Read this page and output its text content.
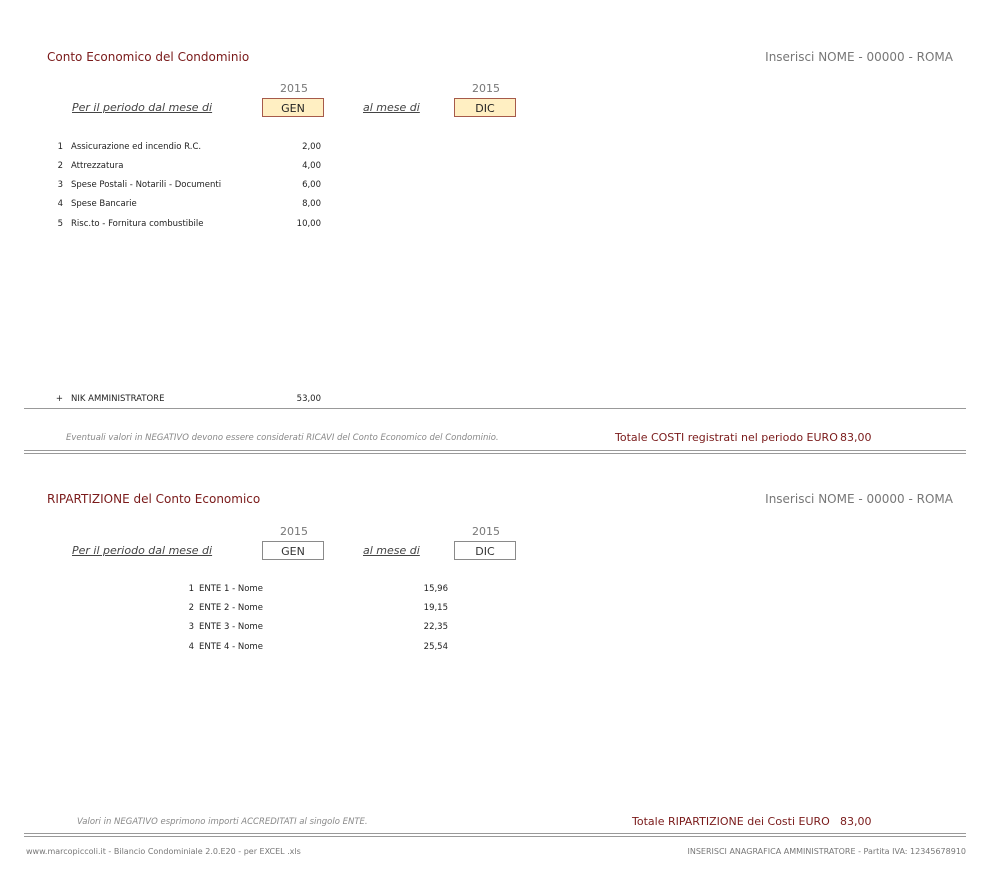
Conto Economico del Condominio	Inserisci NOME - 00000 - ROMA
2015	2015
Per il periodo dal mese di	GEN	al mese di	DIC
1 Assicurazione ed incendio R.C.	2,00
2 Attrezzatura	4,00
3 Spese Postali - Notarili - Documenti	6,00
4 Spese Bancarie	8,00
5 Risc.to - Fornitura combustibile	10,00
+ NIK AMMINISTRATORE	53,00
Eventuali valori in NEGATIVO devono essere considerati RICAVI del Conto Economico del Condominio.	Totale COSTI registrati nel periodo EURO 83,00
RIPARTIZIONE del Conto Economico	Inserisci NOME - 00000 - ROMA
2015	2015
Per il periodo dal mese di	GEN	al mese di	DIC
1 ENTE 1 - Nome	15,96
2 ENTE 2 - Nome	19,15
3 ENTE 3 - Nome	22,35
4 ENTE 4 - Nome	25,54
Valori in NEGATIVO esprimono importi ACCREDITATI al singolo ENTE.	Totale RIPARTIZIONE dei Costi EURO 83,00
www.marcopiccoli.it - Bilancio Condominiale 2.0.E20 - per EXCEL .xls	INSERISCI ANAGRAFICA AMMINISTRATORE - Partita IVA: 12345678910
